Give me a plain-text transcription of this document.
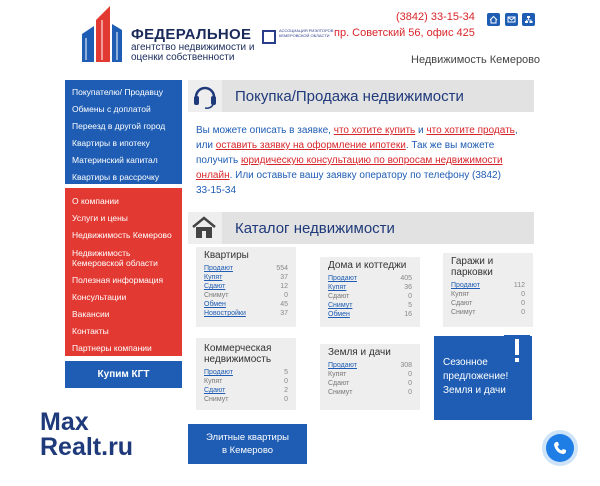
ФЕДЕРАЛЬНОЕ
агентство недвижимости и оценки собственности
АССОЦИАЦИЯ РИЭЛТОРОВ КЕМЕРОВСКОЙ ОБЛАСТИ
(3842) 33-15-34
пр. Советский 56, офис 425
Недвижимость Кемерово
Покупателю/ Продавцу
Обмены с доплатой
Переезд в другой город
Квартиры в ипотеку
Материнский капитал
Квартиры в рассрочку
О компании
Услуги и цены
Недвижимость Кемерово
Недвижимость Кемеровской области
Полезная информация
Консультации
Вакансии
Контакты
Партнеры компании
Купим КГТ
Покупка/Продажа недвижимости
Вы можете описать в заявке, что хотите купить и что хотите продать, или оставить заявку на оформление ипотеки. Так же вы можете получить юридическую консультацию по вопросам недвижимости онлайн. Или оставьте вашу заявку оператору по телефону (3842) 33-15-34
Каталог недвижимости
Квартиры
Продают	554
Купят	37
Сдают	12
Снимут	0
Обмен	45
Новостройки	37
Дома и коттеджи
Продают	405
Купят	36
Сдают	0
Снимут	5
Обмен	16
Гаражи и парковки
Продают	112
Купят	0
Сдают	0
Снимут	0
Коммерческая недвижимость
Продают	5
Купят	0
Сдают	2
Снимут	0
Земля и дачи
Продают	308
Купят	0
Сдают	0
Снимут	0
Сезонное
предложение!
Земля и дачи
Элитные квартиры
в Кемерово
Max
Realt.ru
